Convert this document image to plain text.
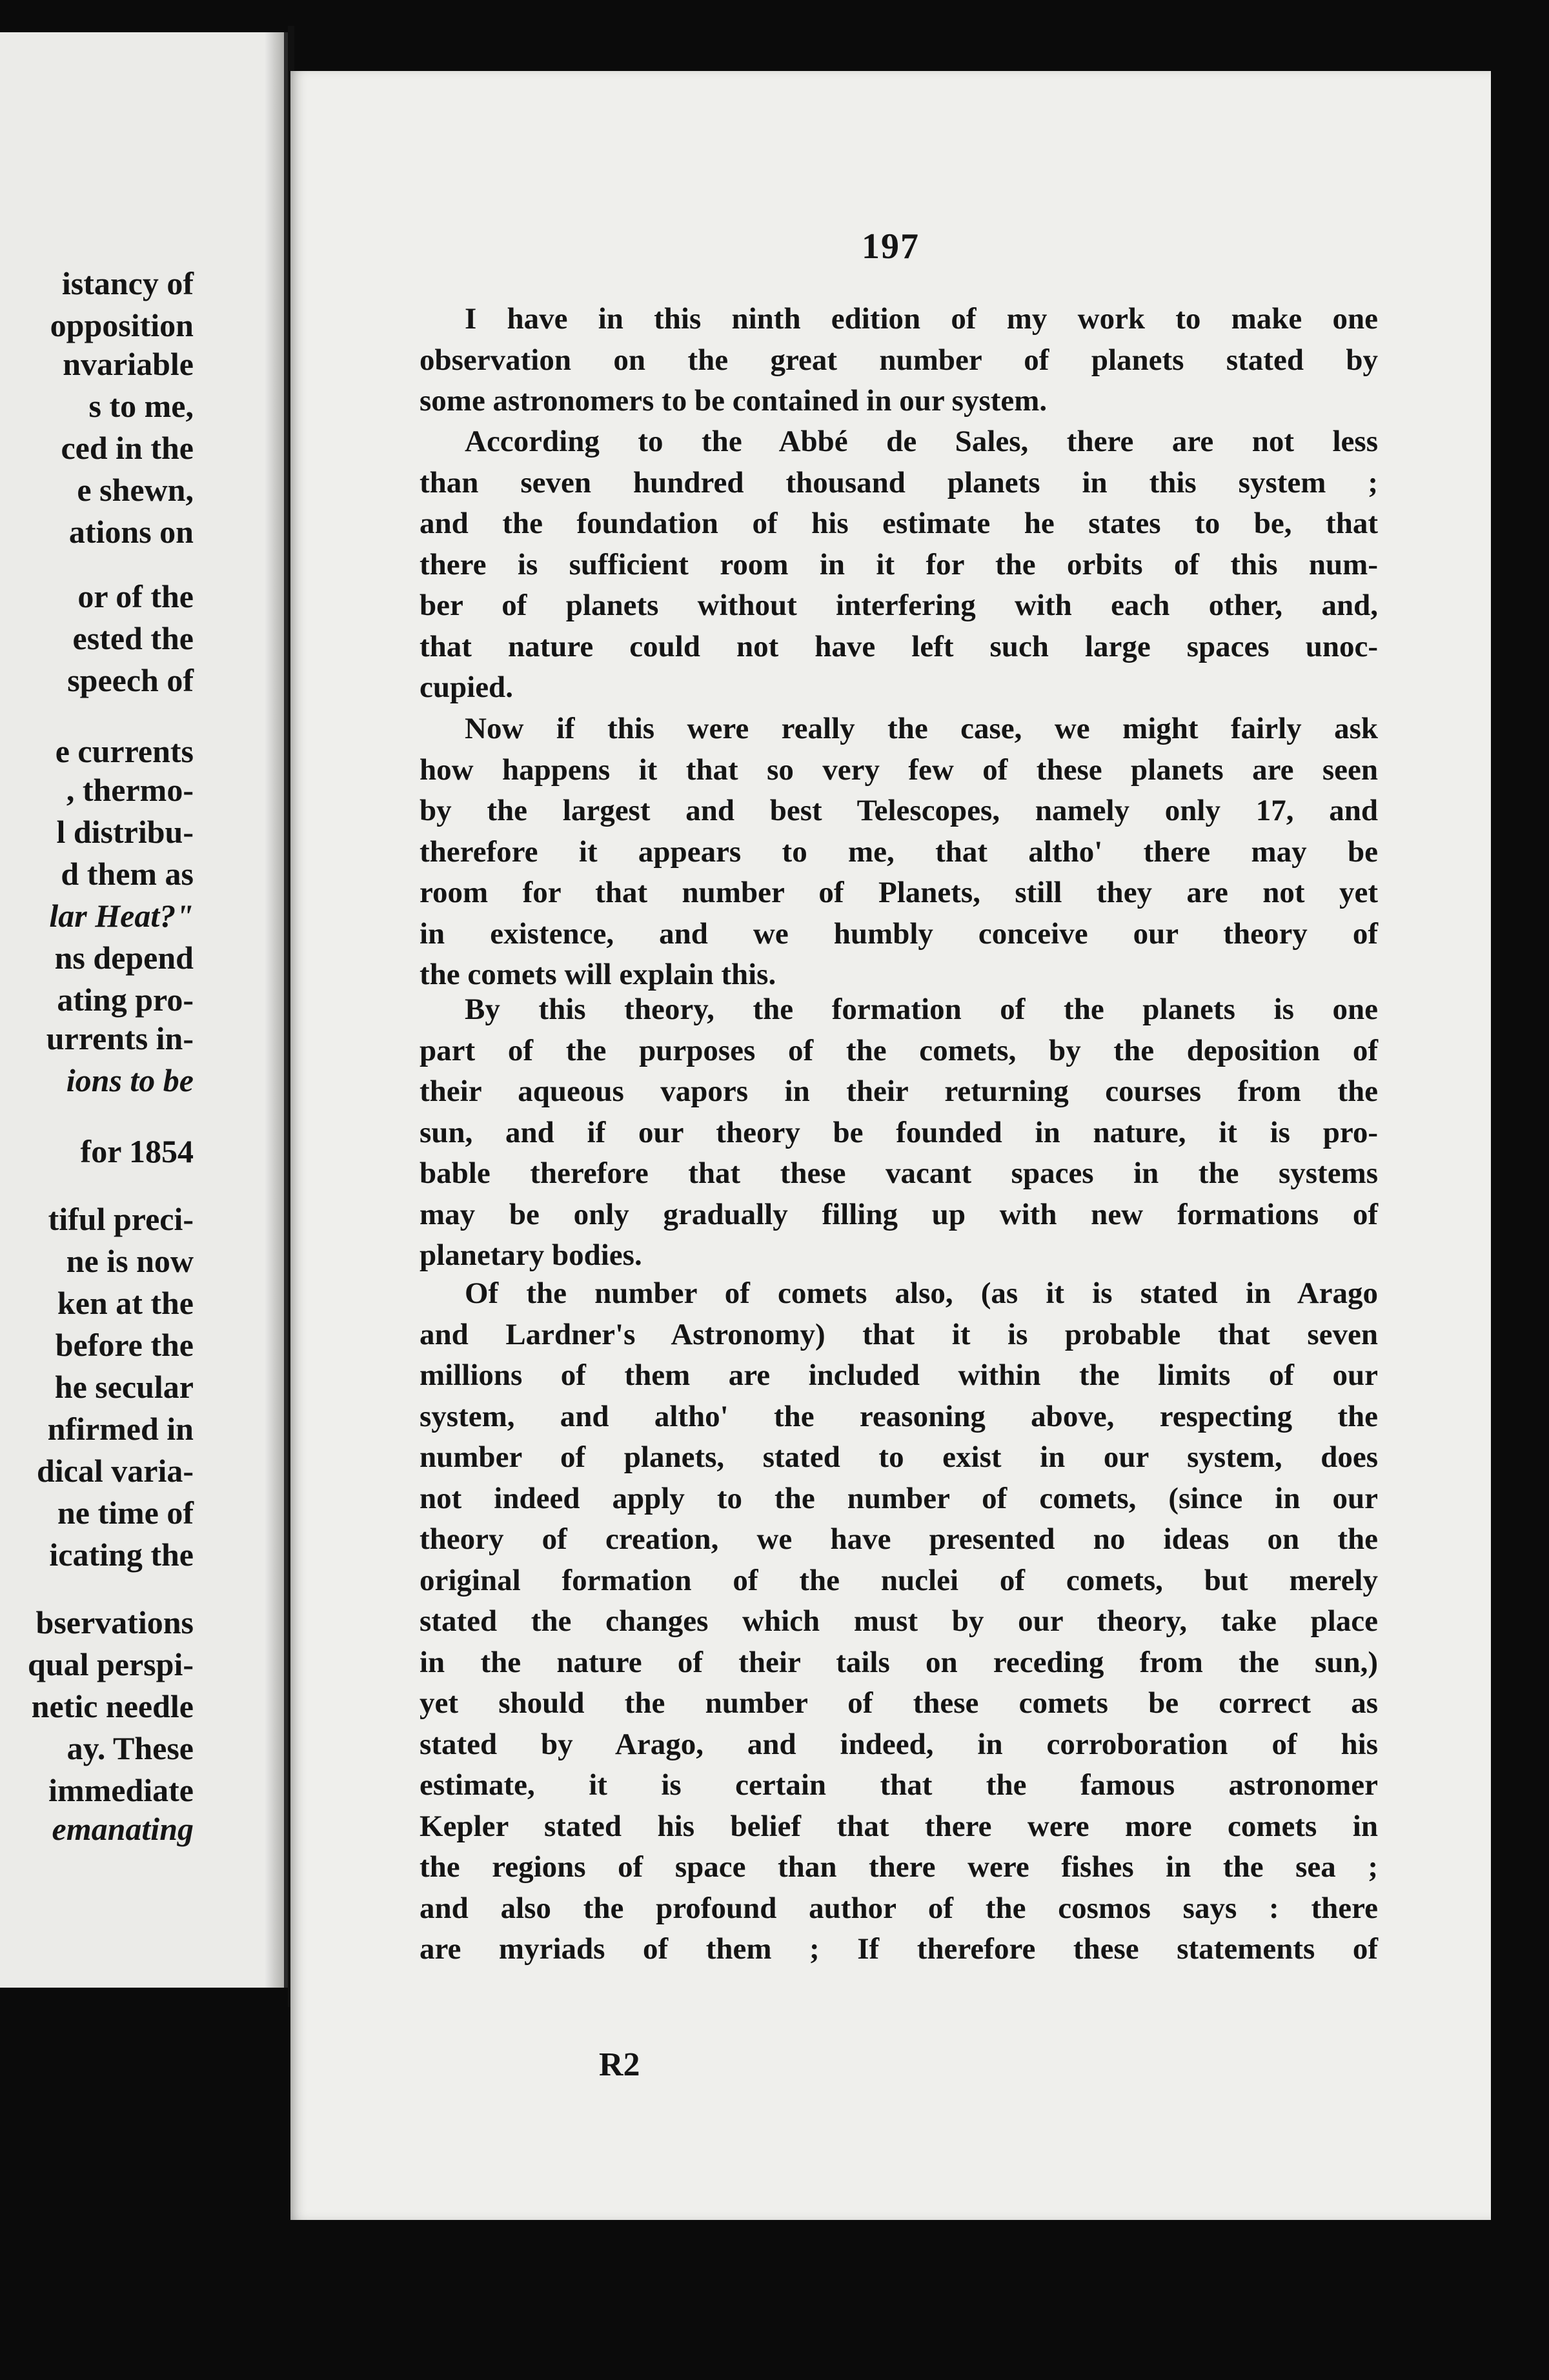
istancy of
opposition
nvariable
s to me,
ced in the
e shewn,
ations on
or of the
ested the
speech of
e currents
, thermo-
l distribu-
d them as
lar Heat?"
ns depend
ating pro-
urrents in-
ions to be
for 1854
tiful preci-
ne is now
ken at the
before the
he secular
nfirmed in
dical varia-
ne time of
icating the
bservations
qual perspi-
netic needle
ay. These
immediate
emanating
197
R2
I have in this ninth edition of my work to make one
observation on the great number of planets stated by
some astronomers to be contained in our system.
According to the Abbé de Sales, there are not less
than seven hundred thousand planets in this system ;
and the foundation of his estimate he states to be, that
there is sufficient room in it for the orbits of this num-
ber of planets without interfering with each other, and,
that nature could not have left such large spaces unoc-
cupied.
Now if this were really the case, we might fairly ask
how happens it that so very few of these planets are seen
by the largest and best Telescopes, namely only 17, and
therefore it appears to me, that altho' there may be
room for that number of Planets, still they are not yet
in existence, and we humbly conceive our theory of
the comets will explain this.
By this theory, the formation of the planets is one
part of the purposes of the comets, by the deposition of
their aqueous vapors in their returning courses from the
sun, and if our theory be founded in nature, it is pro-
bable therefore that these vacant spaces in the systems
may be only gradually filling up with new formations of
planetary bodies.
Of the number of comets also, (as it is stated in Arago
and Lardner's Astronomy) that it is probable that seven
millions of them are included within the limits of our
system, and altho' the reasoning above, respecting the
number of planets, stated to exist in our system, does
not indeed apply to the number of comets, (since in our
theory of creation, we have presented no ideas on the
original formation of the nuclei of comets, but merely
stated the changes which must by our theory, take place
in the nature of their tails on receding from the sun,)
yet should the number of these comets be correct as
stated by Arago, and indeed, in corroboration of his
estimate, it is certain that the famous astronomer
Kepler stated his belief that there were more comets in
the regions of space than there were fishes in the sea ;
and also the profound author of the cosmos says : there
are myriads of them ; If therefore these statements of
